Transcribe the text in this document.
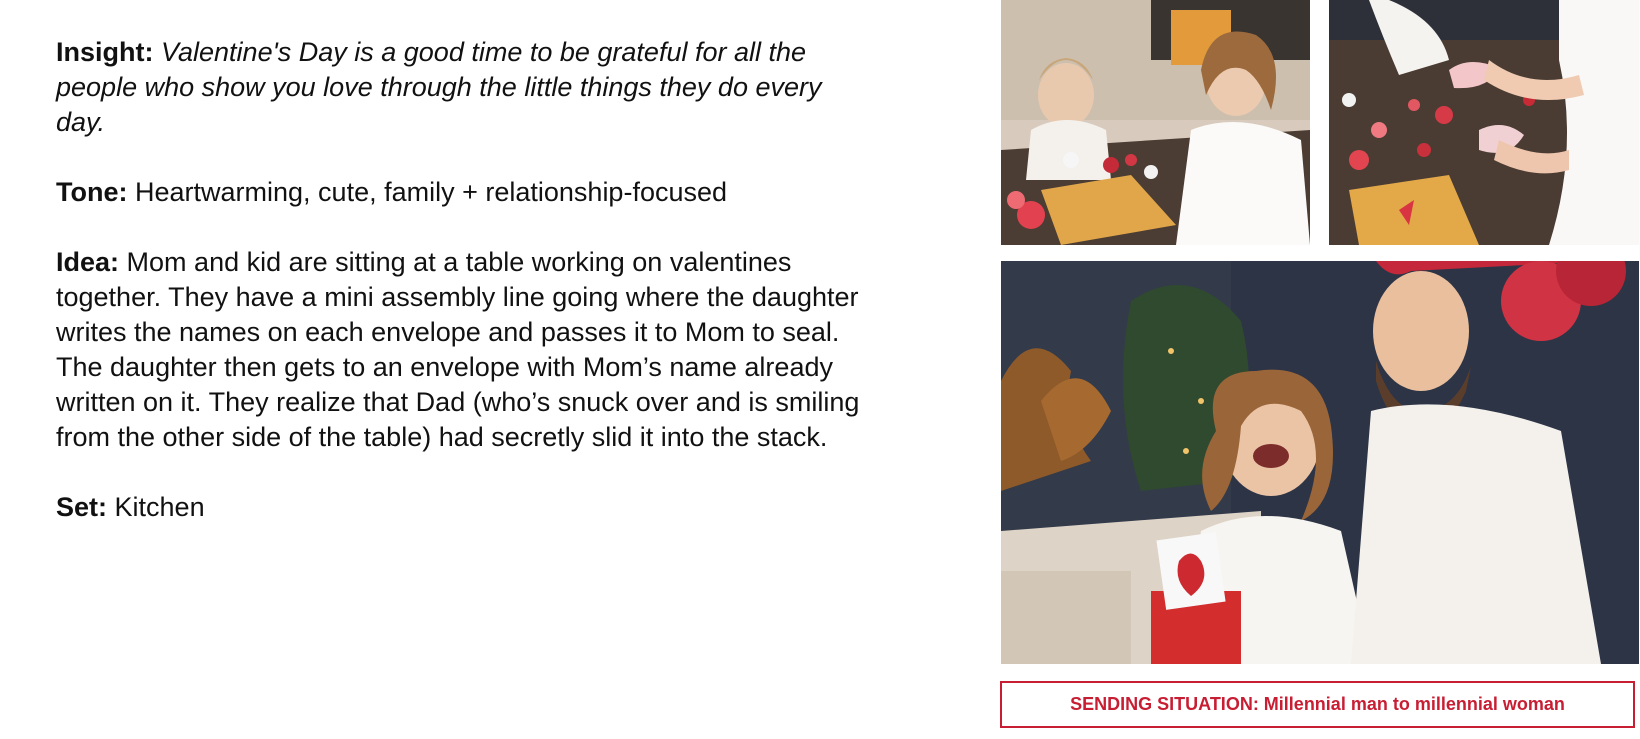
Insight: Valentine's Day is a good time to be grateful for all the people who show you love through the little things they do every day.

Tone: Heartwarming, cute, family + relationship-focused

Idea: Mom and kid are sitting at a table working on valentines together. They have a mini assembly line going where the daughter writes the names on each envelope and passes it to Mom to seal. The daughter then gets to an envelope with Mom’s name already written on it. They realize that Dad (who’s snuck over and is smiling from the other side of the table) had secretly slid it into the stack.

Set: Kitchen

SENDING SITUATION: Millennial man to millennial woman
